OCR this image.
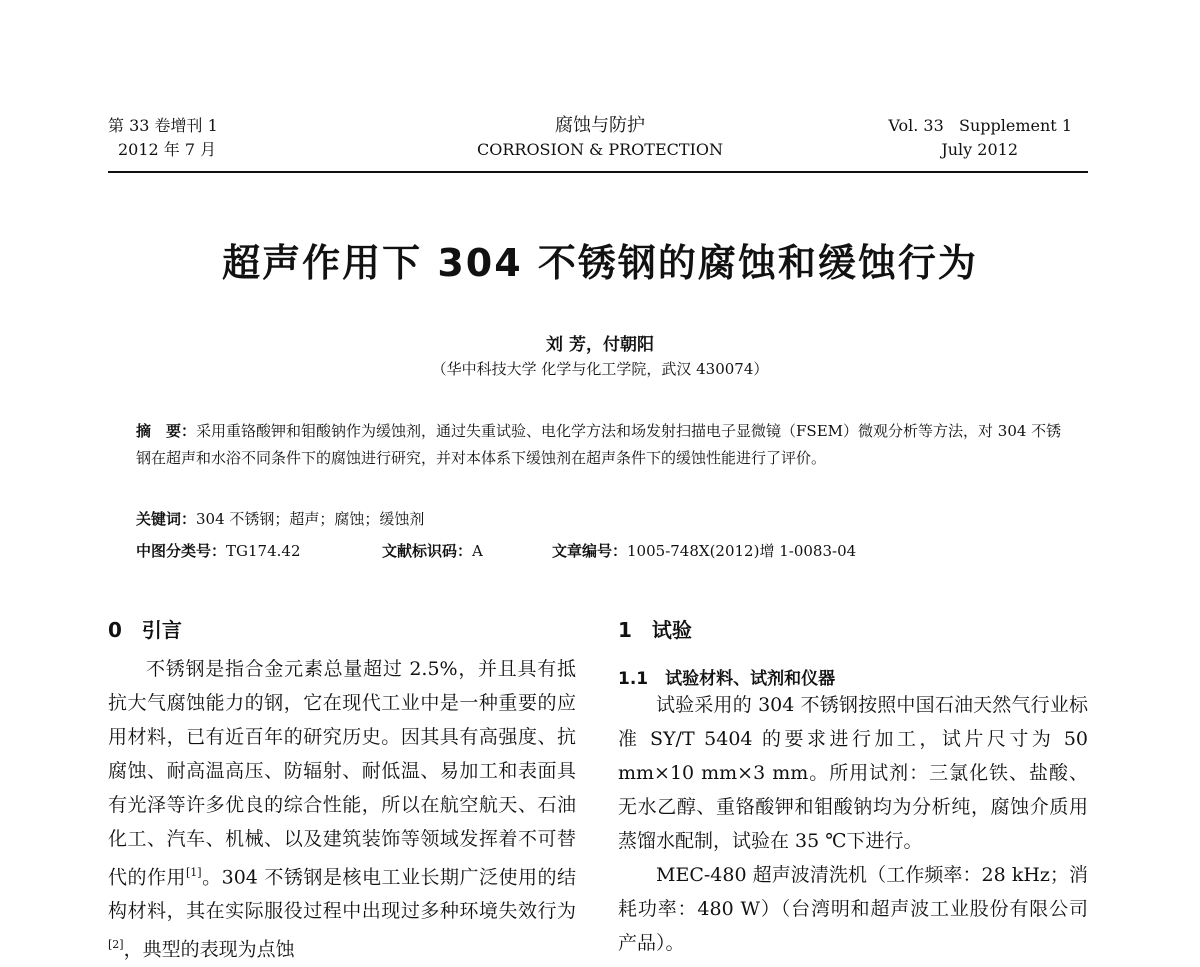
第 33 卷增刊 1
2012 年 7 月
腐蚀与防护
CORROSION & PROTECTION
Vol. 33   Supplement 1
July 2012
超声作用下 304 不锈钢的腐蚀和缓蚀行为
刘 芳，付朝阳
（华中科技大学 化学与化工学院，武汉 430074）
摘　要：采用重铬酸钾和钼酸钠作为缓蚀剂，通过失重试验、电化学方法和场发射扫描电子显微镜（FSEM）微观分析等方法，对 304 不锈钢在超声和水浴不同条件下的腐蚀进行研究，并对本体系下缓蚀剂在超声条件下的缓蚀性能进行了评价。
关键词：304 不锈钢；超声；腐蚀；缓蚀剂
中图分类号：TG174.42	文献标识码：A	文章编号：1005-748X(2012)增 1-0083-04
0　引言

不锈钢是指合金元素总量超过 2.5%，并且具有抵抗大气腐蚀能力的钢，它在现代工业中是一种重要的应用材料，已有近百年的研究历史。因其具有高强度、抗腐蚀、耐高温高压、防辐射、耐低温、易加工和表面具有光泽等许多优良的综合性能，所以在航空航天、石油化工、汽车、机械、以及建筑装饰等领域发挥着不可替代的作用[1]。304 不锈钢是核电工业长期广泛使用的结构材料，其在实际服役过程中出现过多种环境失效行为[2]，典型的表现为点蚀

1　试验
1.1　试验材料、试剂和仪器

试验采用的 304 不锈钢按照中国石油天然气行业标准 SY/T 5404 的要求进行加工，试片尺寸为 50 mm×10 mm×3 mm。所用试剂：三氯化铁、盐酸、无水乙醇、重铬酸钾和钼酸钠均为分析纯，腐蚀介质用蒸馏水配制，试验在 35 ℃下进行。

MEC-480 超声波清洗机（工作频率：28 kHz；消耗功率：480 W）（台湾明和超声波工业股份有限公司产品）。
